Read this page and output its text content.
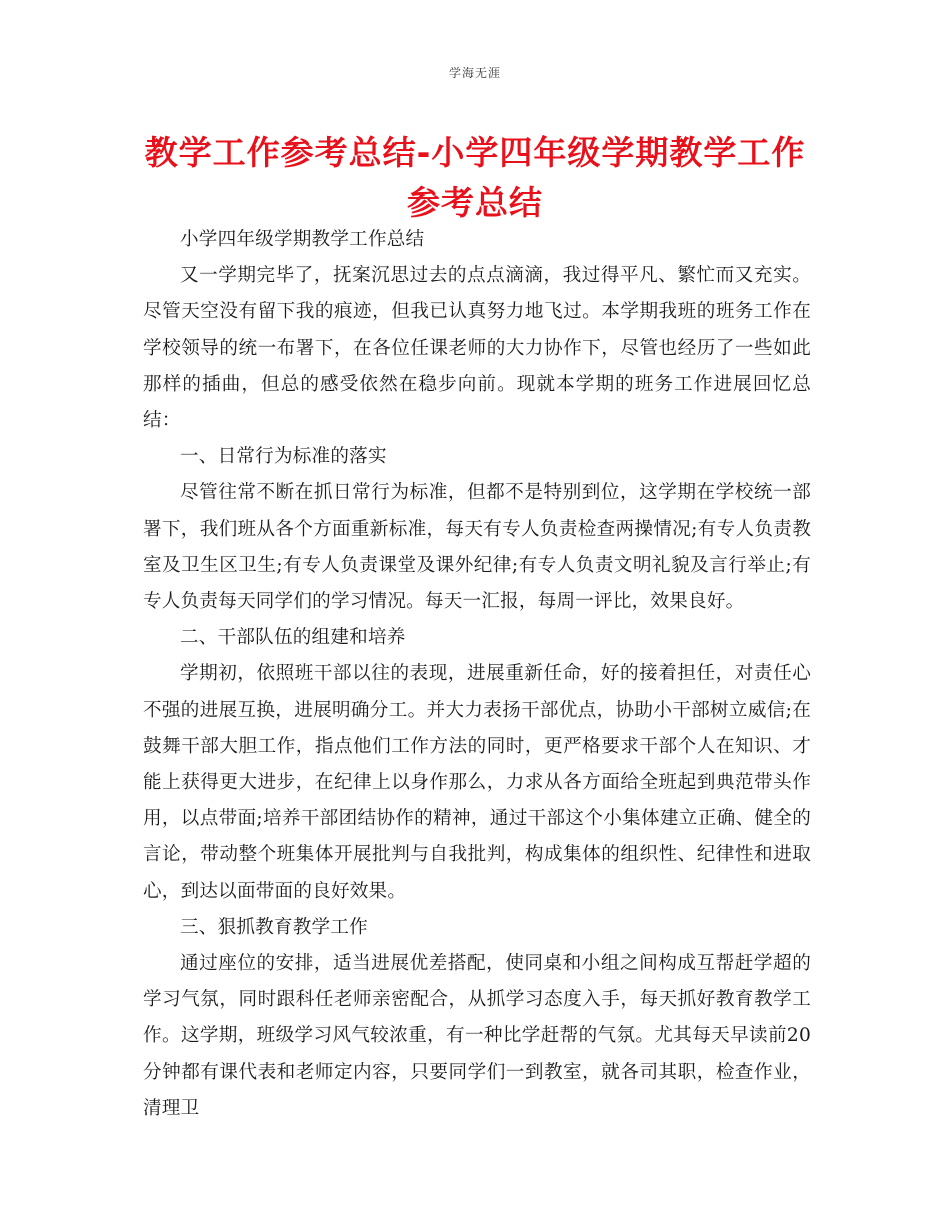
学海无涯
教学工作参考总结-小学四年级学期教学工作参考总结

小学四年级学期教学工作总结

又一学期完毕了，抚案沉思过去的点点滴滴，我过得平凡、繁忙而又充实。尽管天空没有留下我的痕迹，但我已认真努力地飞过。本学期我班的班务工作在学校领导的统一布署下，在各位任课老师的大力协作下，尽管也经历了一些如此那样的插曲，但总的感受依然在稳步向前。现就本学期的班务工作进展回忆总结：

一、日常行为标准的落实

尽管往常不断在抓日常行为标准，但都不是特别到位，这学期在学校统一部署下，我们班从各个方面重新标准，每天有专人负责检查两操情况;有专人负责教室及卫生区卫生;有专人负责课堂及课外纪律;有专人负责文明礼貌及言行举止;有专人负责每天同学们的学习情况。每天一汇报，每周一评比，效果良好。

二、干部队伍的组建和培养

学期初，依照班干部以往的表现，进展重新任命，好的接着担任，对责任心不强的进展互换，进展明确分工。并大力表扬干部优点，协助小干部树立威信;在鼓舞干部大胆工作，指点他们工作方法的同时，更严格要求干部个人在知识、才能上获得更大进步，在纪律上以身作那么，力求从各方面给全班起到典范带头作用，以点带面;培养干部团结协作的精神，通过干部这个小集体建立正确、健全的言论，带动整个班集体开展批判与自我批判，构成集体的组织性、纪律性和进取心，到达以面带面的良好效果。

三、狠抓教育教学工作

通过座位的安排，适当进展优差搭配，使同桌和小组之间构成互帮赶学超的学习气氛，同时跟科任老师亲密配合，从抓学习态度入手，每天抓好教育教学工作。这学期，班级学习风气较浓重，有一种比学赶帮的气氛。尤其每天早读前20分钟都有课代表和老师定内容，只要同学们一到教室，就各司其职，检查作业，清理卫
